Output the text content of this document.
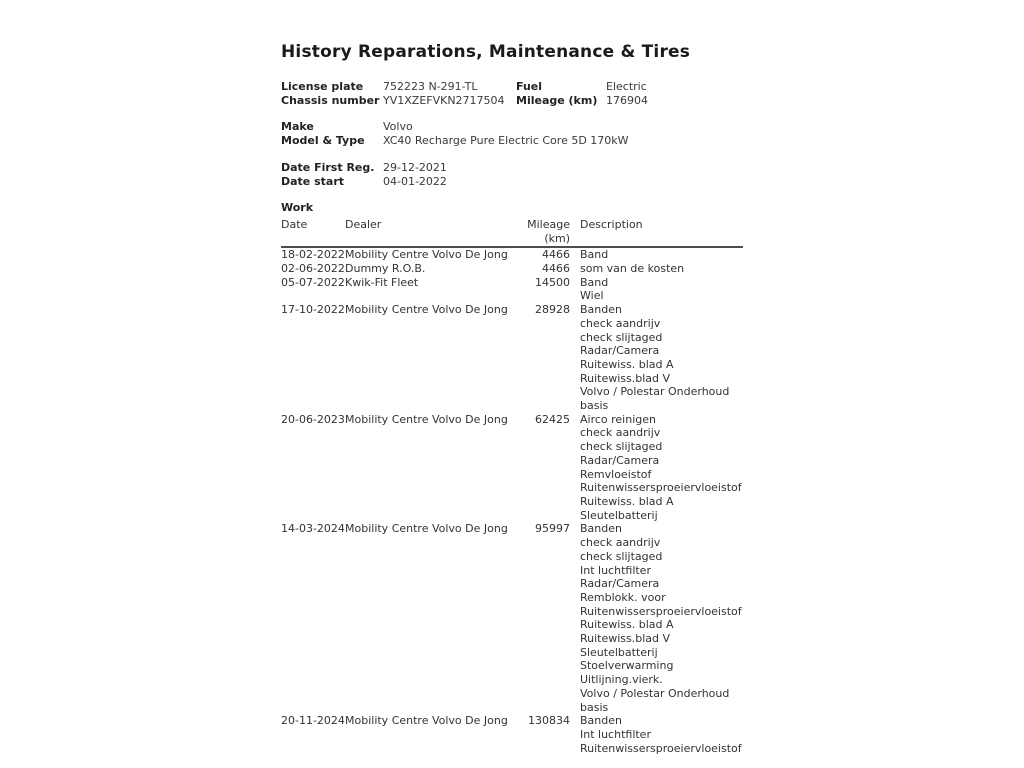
History Reparations, Maintenance & Tires
License plate	752223 N-291-TL	Fuel	Electric
Chassis number YV1XZEFVKN2717504	Mileage (km) 176904
Make	Volvo
Model & Type	XC40 Recharge Pure Electric Core 5D 170kW
Date First Reg. 29-12-2021
Date start	04-01-2022
Work
Date	Dealer	Mileage (km)
Description
18-02-2022 Mobility Centre Volvo De Jong	4466 Band
02-06-2022 Dummy R.O.B.	4466 som van de kosten
05-07-2022 Kwik-Fit Fleet	14500 Band
Wiel
17-10-2022 Mobility Centre Volvo De Jong	28928 Banden
check aandrijv
check slijtaged
Radar/Camera
Ruitewiss. blad A
Ruitewiss.blad V
Volvo / Polestar Onderhoud basis
20-06-2023 Mobility Centre Volvo De Jong	62425 Airco reinigen
check aandrijv
check slijtaged
Radar/Camera
Remvloeistof
Ruitenwissersproeiervloeistof
Ruitewiss. blad A
Sleutelbatterij
14-03-2024 Mobility Centre Volvo De Jong	95997 Banden
check aandrijv
check slijtaged
Int luchtfilter
Radar/Camera
Remblokk. voor
Ruitenwissersproeiervloeistof
Ruitewiss. blad A
Ruitewiss.blad V
Sleutelbatterij
Stoelverwarming
Uitlijning.vierk.
Volvo / Polestar Onderhoud basis
20-11-2024 Mobility Centre Volvo De Jong	130834 Banden
Int luchtfilter
Ruitenwissersproeiervloeistof
